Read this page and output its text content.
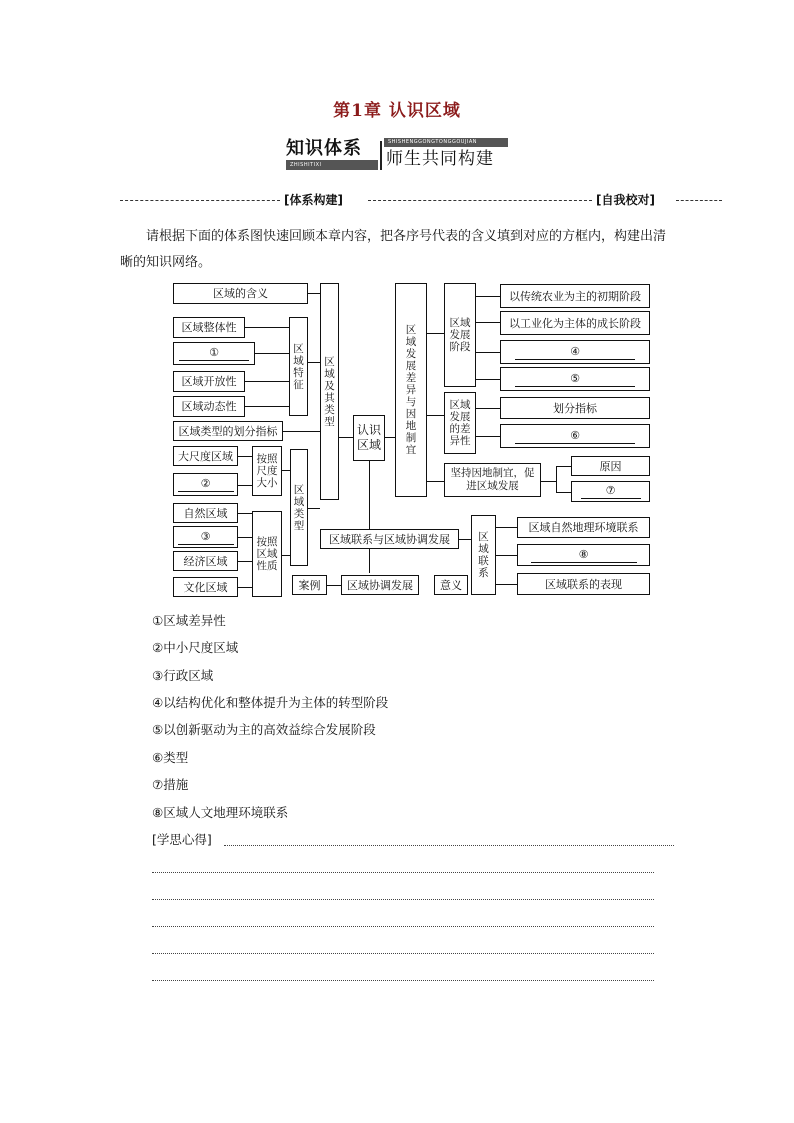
第1章 认识区域
知识体系
ZHISHITIXI
SHISHENGGONGTONGGOUJIAN
师生共同构建
[体系构建]	[自我校对]
请根据下面的体系图快速回顾本章内容，把各序号代表的含义填到对应的方框内，构建出清晰的知识网络。
区域的含义
区域整体性
①
区域开放性
区域动态性
区域特征
区域类型的划分指标
大尺度区域
②
按照尺度大小
自然区域
③
经济区域
文化区域
按照区域性质
区域类型
区域及其类型
认识区域
区域发展差异与因地制宜
区域发展阶段
以传统农业为主的初期阶段
以工业化为主体的成长阶段
④
⑤
区域发展的差异性
划分指标
⑥
坚持因地制宜，促进区域发展
原因
⑦
区域联系与区域协调发展
案例	区域协调发展	意义
区域联系
区域自然地理环境联系
⑧
区域联系的表现
①区域差异性
②中小尺度区域
③行政区域
④以结构优化和整体提升为主体的转型阶段
⑤以创新驱动为主的高效益综合发展阶段
⑥类型
⑦措施
⑧区域人文地理环境联系
[学思心得]
